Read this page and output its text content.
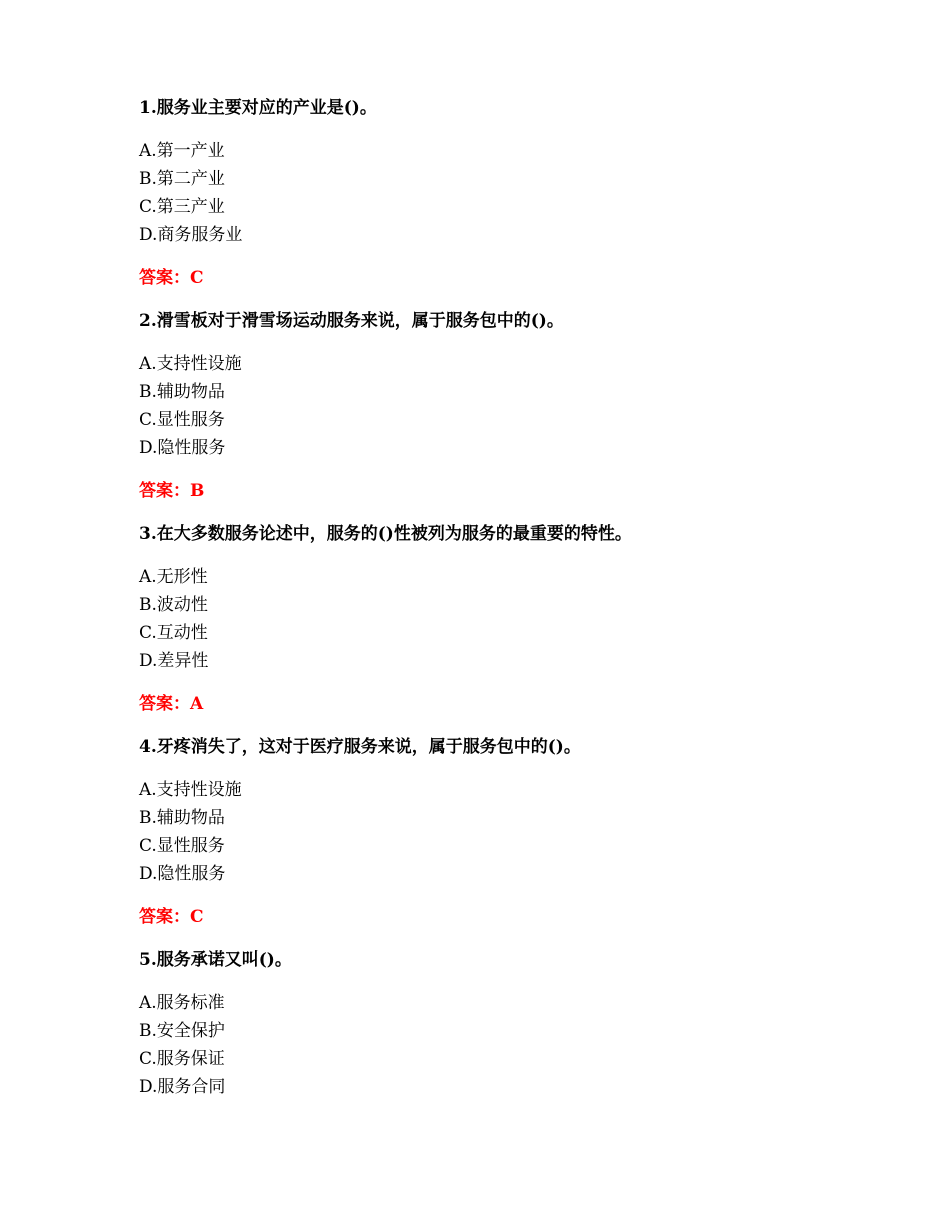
1.服务业主要对应的产业是()。

A.第一产业
B.第二产业
C.第三产业
D.商务服务业
答案：C

2.滑雪板对于滑雪场运动服务来说，属于服务包中的()。

A.支持性设施
B.辅助物品
C.显性服务
D.隐性服务
答案：B

3.在大多数服务论述中，服务的()性被列为服务的最重要的特性。

A.无形性
B.波动性
C.互动性
D.差异性
答案：A

4.牙疼消失了，这对于医疗服务来说，属于服务包中的()。

A.支持性设施
B.辅助物品
C.显性服务
D.隐性服务
答案：C

5.服务承诺又叫()。

A.服务标准
B.安全保护
C.服务保证
D.服务合同
